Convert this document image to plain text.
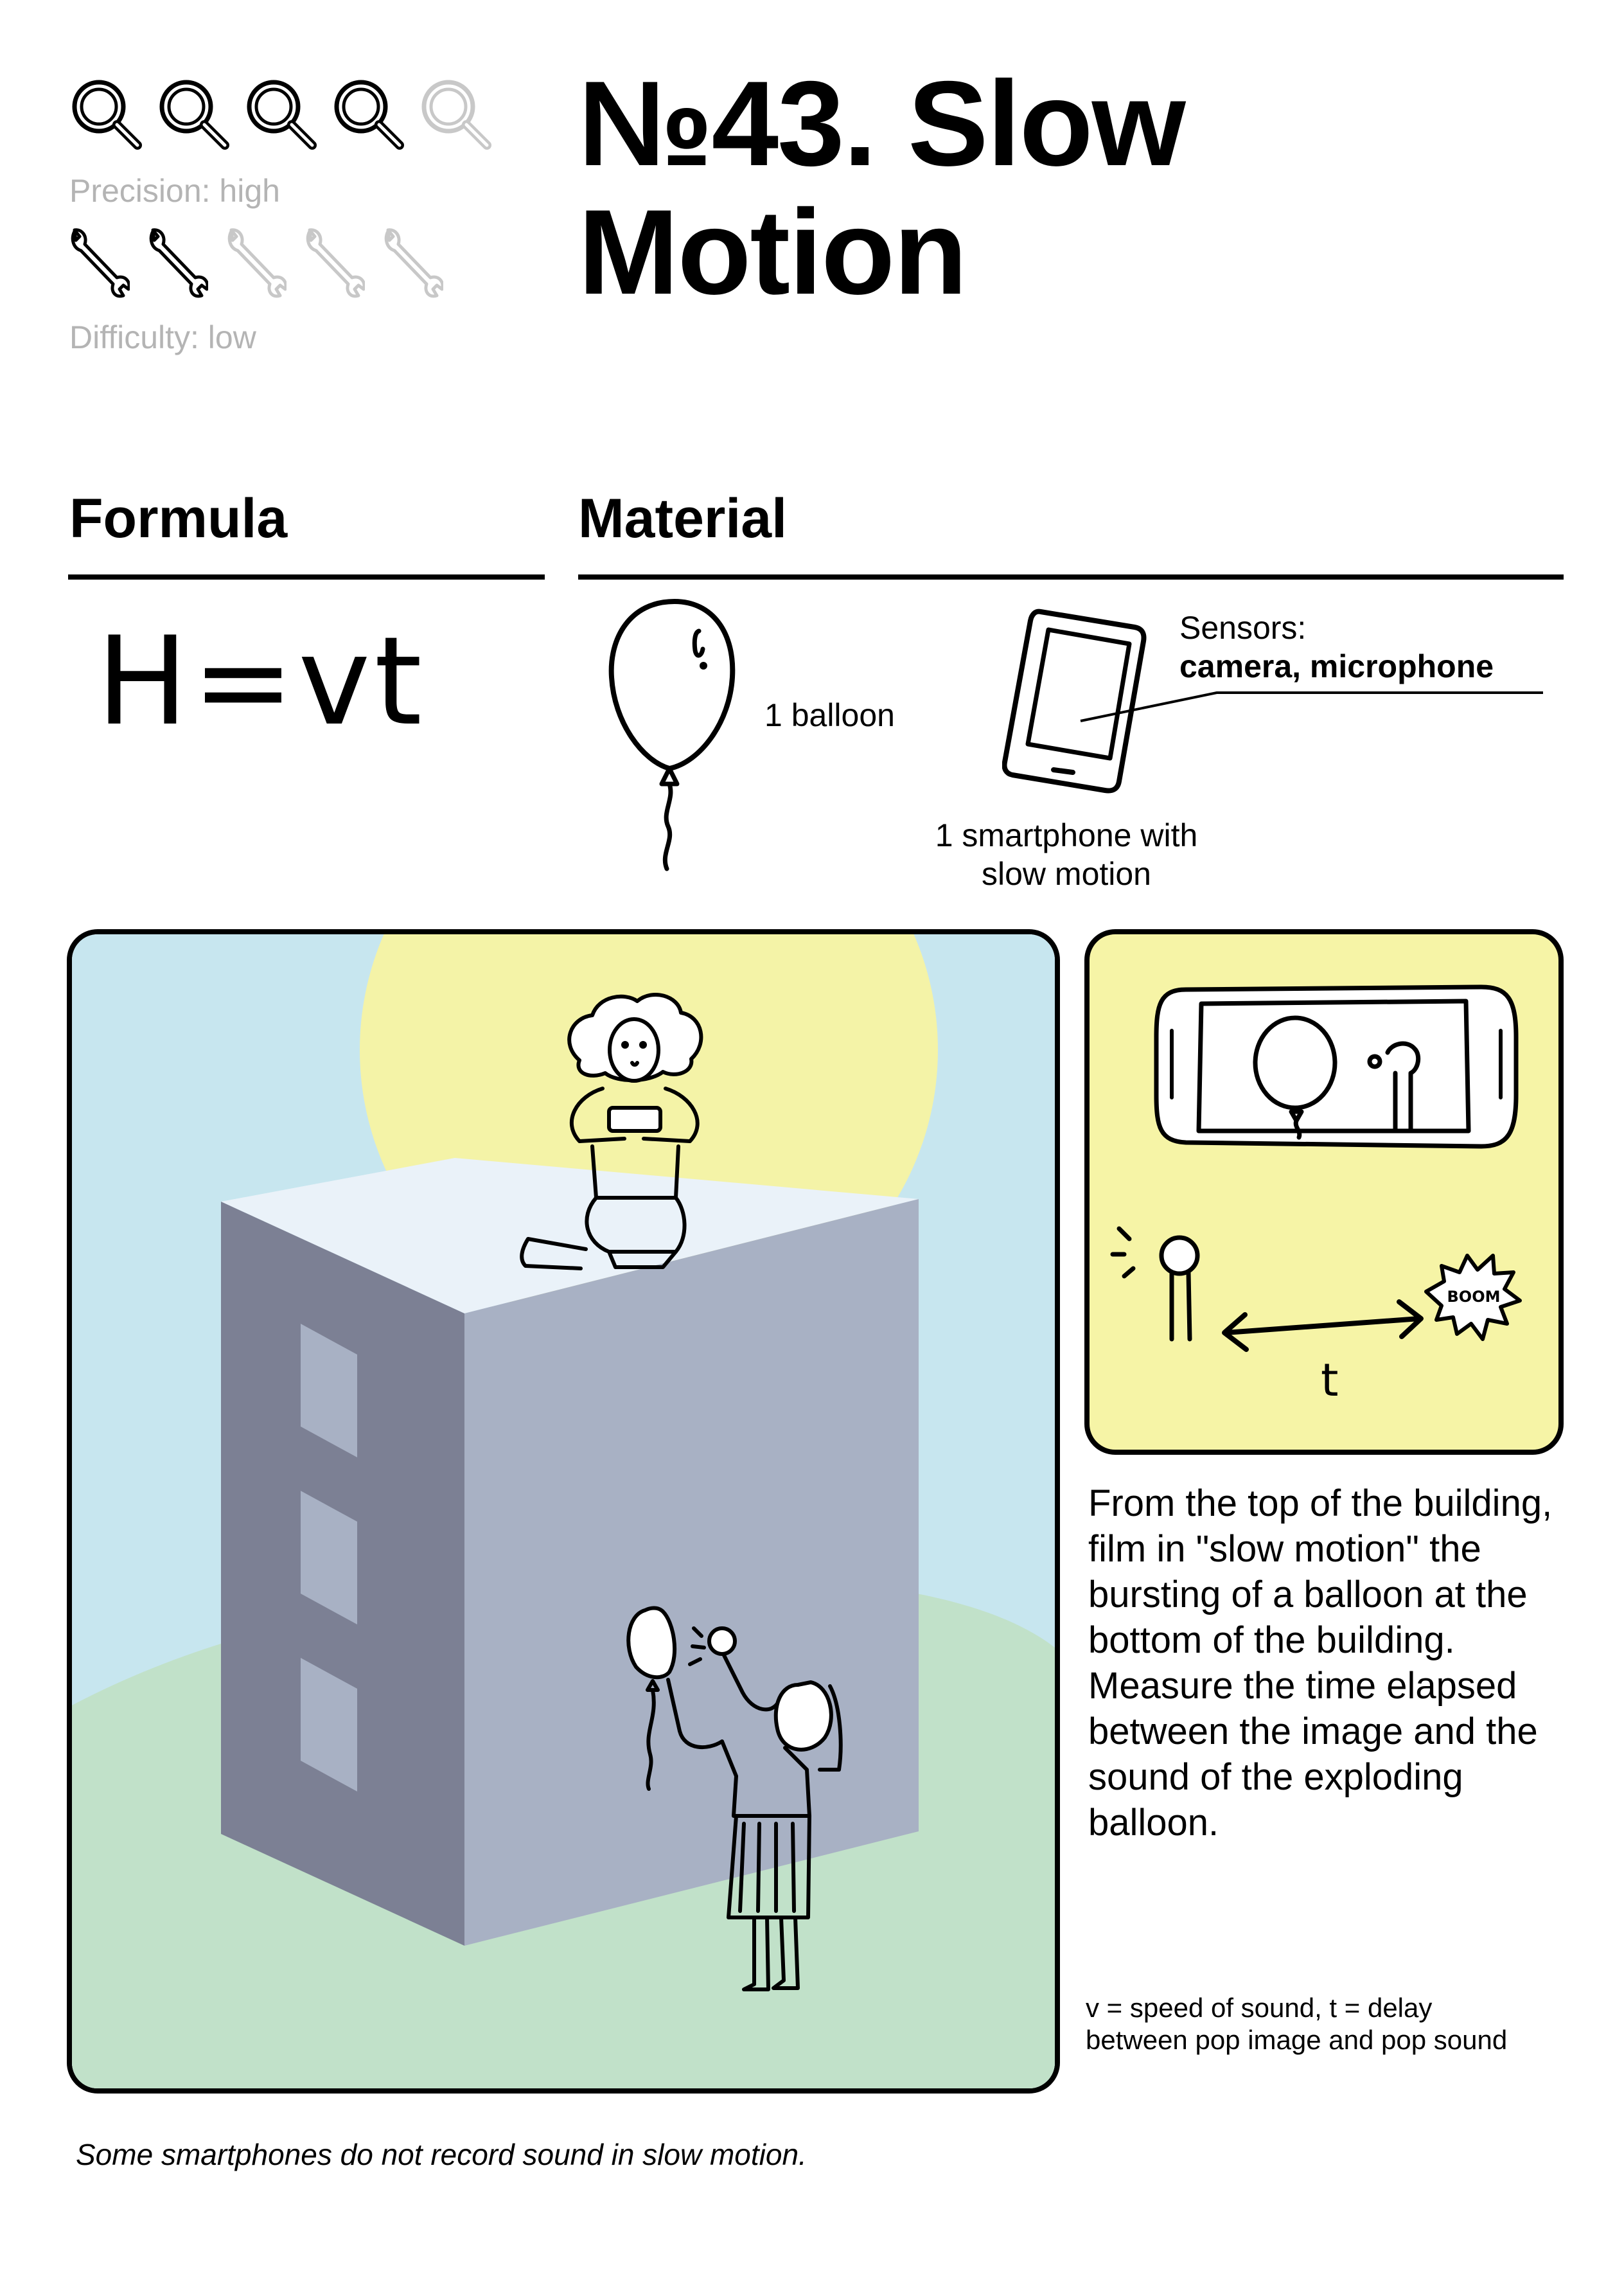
Precision: high
Difficulty: low
№43. Slow Motion
Formula
H=vt
Material
1 balloon
Sensors:
camera, microphone
1 smartphone with
slow motion
t
BOOM
From the top of the building, film in "slow motion" the bursting of a balloon at the bottom of the building. Measure the time elapsed between the image and the sound of the exploding balloon.
v = speed of sound, t = delay between pop image and pop sound
Some smartphones do not record sound in slow motion.
